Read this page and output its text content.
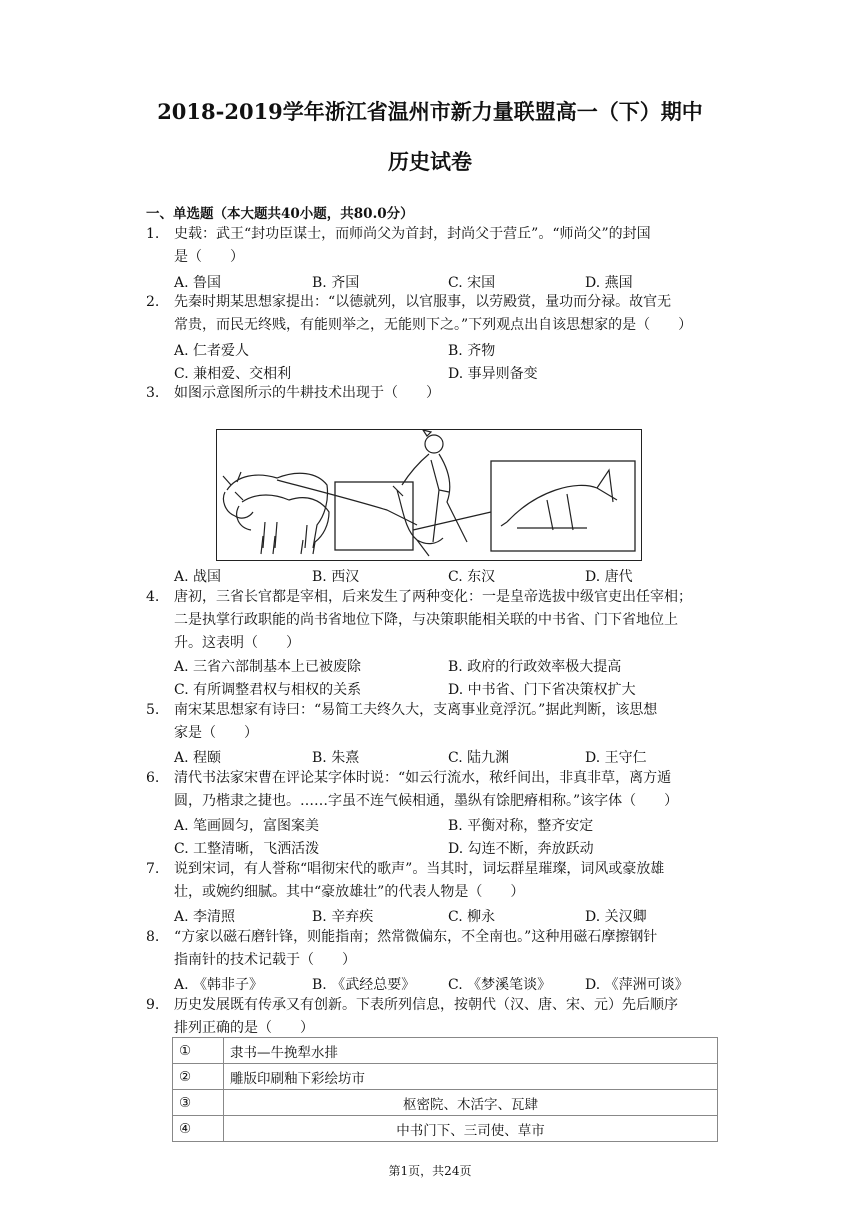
2018-2019学年浙江省温州市新力量联盟高一（下）期中
历史试卷
一、单选题（本大题共40小题，共80.0分）
1. 史载：武王“封功臣谋士，而师尚父为首封，封尚父于营丘”。“师尚父”的封国
是（　　）
A. 鲁国	B. 齐国	C. 宋国	D. 燕国
2. 先秦时期某思想家提出：“以德就列，以官服事，以劳殿赏，量功而分禄。故官无
常贵，而民无终贱，有能则举之，无能则下之。”下列观点出自该思想家的是（　　）
A. 仁者爱人	B. 齐物
C. 兼相爱、交相利	D. 事异则备变
3. 如图示意图所示的牛耕技术出现于（　　）
A. 战国	B. 西汉	C. 东汉	D. 唐代
4. 唐初，三省长官都是宰相，后来发生了两种变化：一是皇帝选拔中级官吏出任宰相；
二是执掌行政职能的尚书省地位下降，与决策职能相关联的中书省、门下省地位上
升。这表明（　　）
A. 三省六部制基本上已被废除	B. 政府的行政效率极大提高
C. 有所调整君权与相权的关系	D. 中书省、门下省决策权扩大
5. 南宋某思想家有诗曰：“易简工夫终久大，支离事业竟浮沉。”据此判断，该思想
家是（　　）
A. 程颐	B. 朱熹	C. 陆九渊	D. 王守仁
6. 清代书法家宋曹在评论某字体时说：“如云行流水，秾纤间出，非真非草，离方遁
圆，乃楷隶之捷也。……字虽不连气候相通，墨纵有馀肥瘠相称。”该字体（　　）
A. 笔画圆匀，富图案美	B. 平衡对称，整齐安定
C. 工整清晰，飞洒活泼	D. 勾连不断，奔放跃动
7. 说到宋词，有人誉称“唱彻宋代的歌声”。当其时，词坛群星璀璨，词风或豪放雄
壮，或婉约细腻。其中“豪放雄壮”的代表人物是（　　）
A. 李清照	B. 辛弃疾	C. 柳永	D. 关汉卿
8. “方家以磁石磨针锋，则能指南；然常微偏东，不全南也。”这种用磁石摩擦钢针
指南针的技术记载于（　　）
A. 《韩非子》	B. 《武经总要》 C. 《梦溪笔谈》 D. 《萍洲可谈》
9. 历史发展既有传承又有创新。下表所列信息，按朝代（汉、唐、宋、元）先后顺序
排列正确的是（　　）
①	隶书—牛挽犁水排
②	雕版印刷釉下彩绘坊市
③	枢密院、木活字、瓦肆
④	中书门下、三司使、草市
第1页，共24页
